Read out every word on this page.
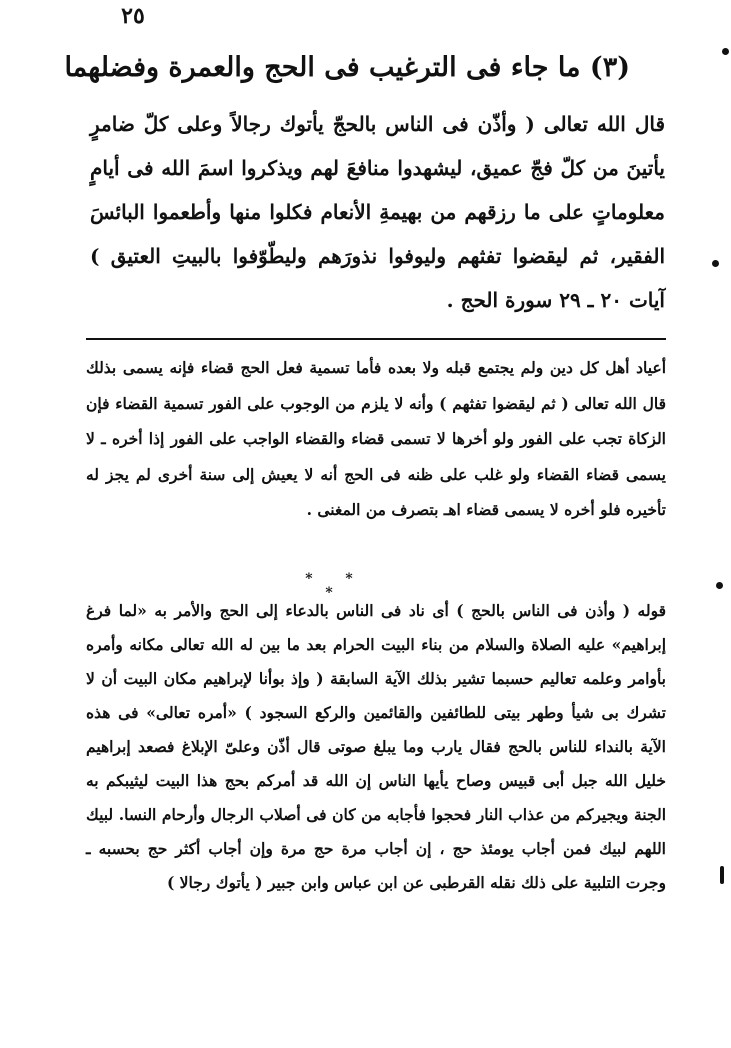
٢٥
(٣) ما جاء فى الترغيب فى الحج والعمرة وفضلهما

قال الله تعالى ( وأذّن فى الناس بالحجّ يأتوك رجالاً وعلى كلّ ضامرٍ يأتينَ من كلّ فجّ عميق، ليشهدوا منافعَ لهم ويذكروا اسمَ الله فى أيامٍ معلوماتٍ على ما رزقهم من بهيمةِ الأنعام فكلوا منها وأطعموا البائسَ الفقير، ثم ليقضوا تفثهم وليوفوا نذورَهم وليطّوّفوا بالبيتِ العتيق ) آيات ٢٠ ـ ٢٩ سورة الحج .

أعياد أهل كل دين ولم يجتمع قبله ولا بعده فأما تسمية فعل الحج قضاء فإنه يسمى بذلك قال الله تعالى ( ثم ليقضوا تفثهم ) وأنه لا يلزم من الوجوب على الفور تسمية القضاء فإن الزكاة تجب على الفور ولو أخرها لا تسمى قضاء والقضاء الواجب على الفور إذا أخره ـ لا يسمى قضاء القضاء ولو غلب على ظنه فى الحج أنه لا يعيش إلى سنة أخرى لم يجز له تأخيره فلو أخره لا يسمى قضاء اهـ بتصرف من المغنى .

* * *

قوله ( وأذن فى الناس بالحج ) أى ناد فى الناس بالدعاء إلى الحج والأمر به «لما فرغ إبراهيم» عليه الصلاة والسلام من بناء البيت الحرام بعد ما بين له الله تعالى مكانه وأمره بأوامر وعلمه تعاليم حسبما تشير بذلك الآية السابقة ( وإذ بوأنا لإبراهيم مكان البيت أن لا تشرك بى شيأ وطهر بيتى للطائفين والقائمين والركع السجود ) «أمره تعالى» فى هذه الآية بالنداء للناس بالحج فقال يارب وما يبلغ صوتى قال أذّن وعلىّ الإبلاغ فصعد إبراهيم خليل الله جبل أبى قبيس وصاح يأيها الناس إن الله قد أمركم بحج هذا البيت ليثيبكم به الجنة ويجيركم من عذاب النار فحجوا فأجابه من كان فى أصلاب الرجال وأرحام النسا. لبيك اللهم لبيك فمن أجاب يومئذ حج ، إن أجاب مرة حج مرة وإن أجاب أكثر حج بحسبه ـ وجرت التلبية على ذلك نقله القرطبى عن ابن عباس وابن جبير ( يأتوك رجالا )
